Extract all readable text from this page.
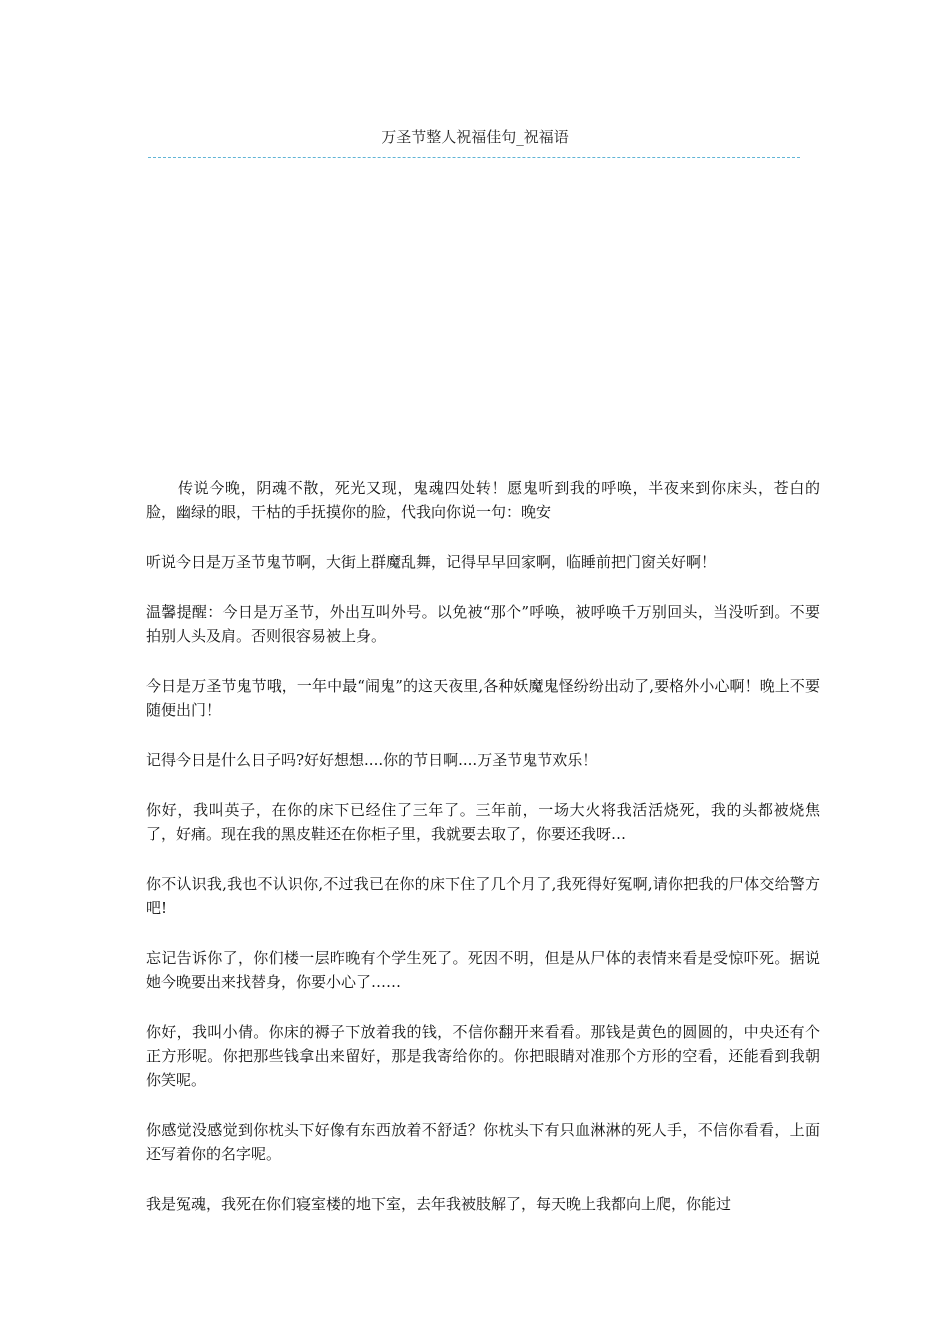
万圣节整人祝福佳句_祝福语

传说今晚，阴魂不散，死光又现，鬼魂四处转！愿鬼听到我的呼唤，半夜来到你床头，苍白的脸，幽绿的眼，干枯的手抚摸你的脸，代我向你说一句：晚安

听说今日是万圣节鬼节啊，大街上群魔乱舞，记得早早回家啊，临睡前把门窗关好啊！

温馨提醒：今日是万圣节，外出互叫外号。以免被“那个”呼唤，被呼唤千万别回头，当没听到。不要拍别人头及肩。否则很容易被上身。

今日是万圣节鬼节哦，一年中最“闹鬼”的这天夜里,各种妖魔鬼怪纷纷出动了,要格外小心啊！晚上不要随便出门！

记得今日是什么日子吗?好好想想....你的节日啊....万圣节鬼节欢乐！

你好，我叫英子，在你的床下已经住了三年了。三年前，一场大火将我活活烧死，我的头都被烧焦了，好痛。现在我的黑皮鞋还在你柜子里，我就要去取了，你要还我呀…

你不认识我,我也不认识你,不过我已在你的床下住了几个月了,我死得好冤啊,请你把我的尸体交给警方吧!

忘记告诉你了，你们楼一层昨晚有个学生死了。死因不明，但是从尸体的表情来看是受惊吓死。据说她今晚要出来找替身，你要小心了……

你好，我叫小倩。你床的褥子下放着我的钱，不信你翻开来看看。那钱是黄色的圆圆的，中央还有个正方形呢。你把那些钱拿出来留好，那是我寄给你的。你把眼睛对准那个方形的空看，还能看到我朝你笑呢。

你感觉没感觉到你枕头下好像有东西放着不舒适？你枕头下有只血淋淋的死人手，不信你看看，上面还写着你的名字呢。

我是冤魂，我死在你们寝室楼的地下室，去年我被肢解了，每天晚上我都向上爬，你能过
